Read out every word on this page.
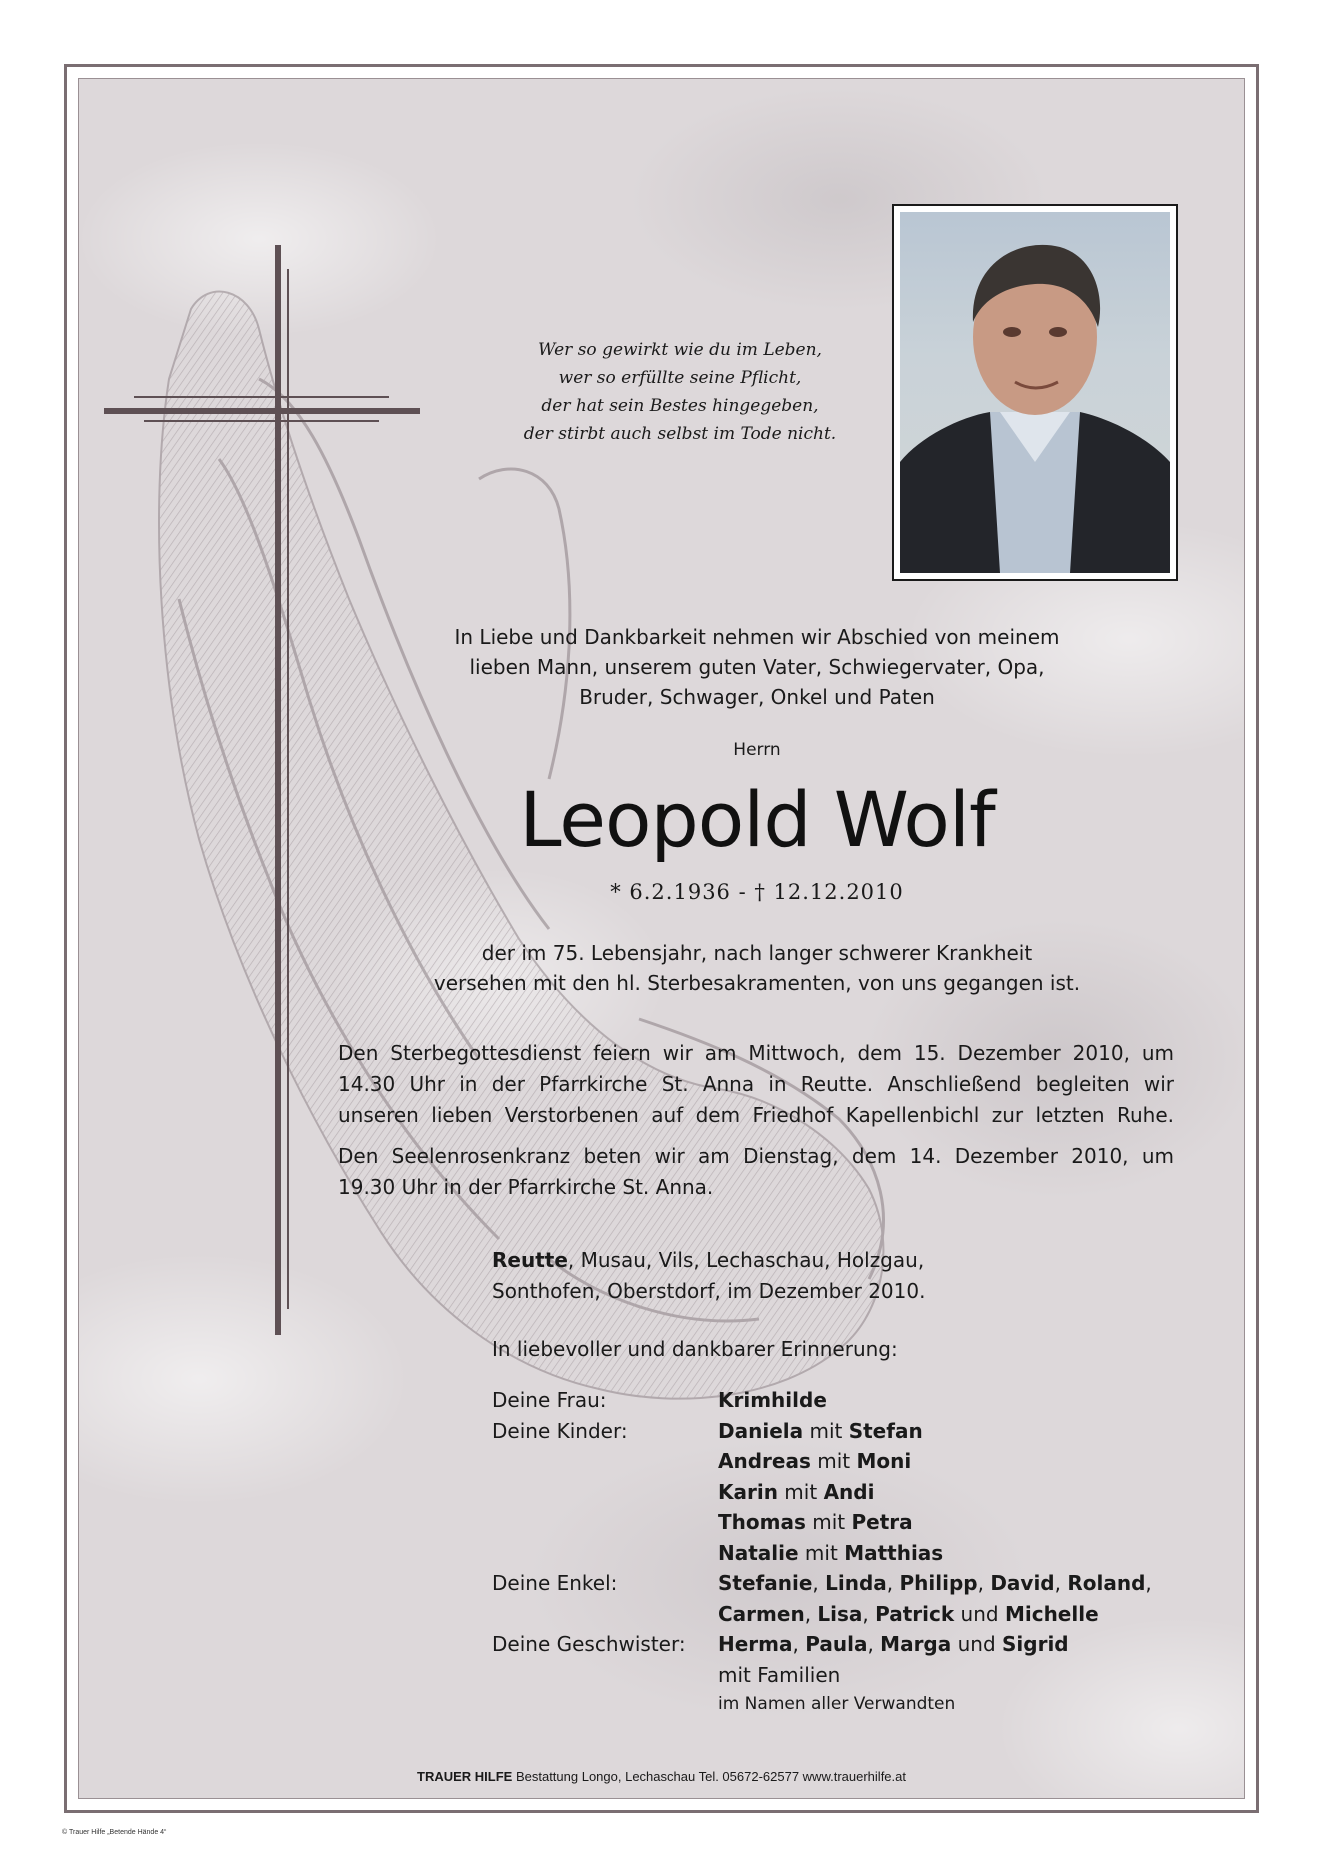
Wer so gewirkt wie du im Leben,
wer so erfüllte seine Pflicht,
der hat sein Bestes hingegeben,
der stirbt auch selbst im Tode nicht.
In Liebe und Dankbarkeit nehmen wir Abschied von meinem
lieben Mann, unserem guten Vater, Schwiegervater, Opa,
Bruder, Schwager, Onkel und Paten
Herrn
Leopold Wolf
* 6.2.1936 - † 12.12.2010
der im 75. Lebensjahr, nach langer schwerer Krankheit
versehen mit den hl. Sterbesakramenten, von uns gegangen ist.
Den Sterbegottesdienst feiern wir am Mittwoch, dem 15. Dezember 2010, um
14.30 Uhr in der Pfarrkirche St. Anna in Reutte. Anschließend begleiten wir
unseren lieben Verstorbenen auf dem Friedhof Kapellenbichl zur letzten Ruhe.
Den Seelenrosenkranz beten wir am Dienstag, dem 14. Dezember 2010, um
19.30 Uhr in der Pfarrkirche St. Anna.
Reutte, Musau, Vils, Lechaschau, Holzgau,
Sonthofen, Oberstdorf, im Dezember 2010.
In liebevoller und dankbarer Erinnerung:
Deine Frau:	Krimhilde
Deine Kinder:	Daniela mit Stefan
Andreas mit Moni
Karin mit Andi
Thomas mit Petra
Natalie mit Matthias
Deine Enkel:	Stefanie, Linda, Philipp, David, Roland,
Carmen, Lisa, Patrick und Michelle
Deine Geschwister:	Herma, Paula, Marga und Sigrid
mit Familien
im Namen aller Verwandten
TRAUER HILFE Bestattung Longo, Lechaschau Tel. 05672-62577 www.trauerhilfe.at
© Trauer Hilfe „Betende Hände 4“
